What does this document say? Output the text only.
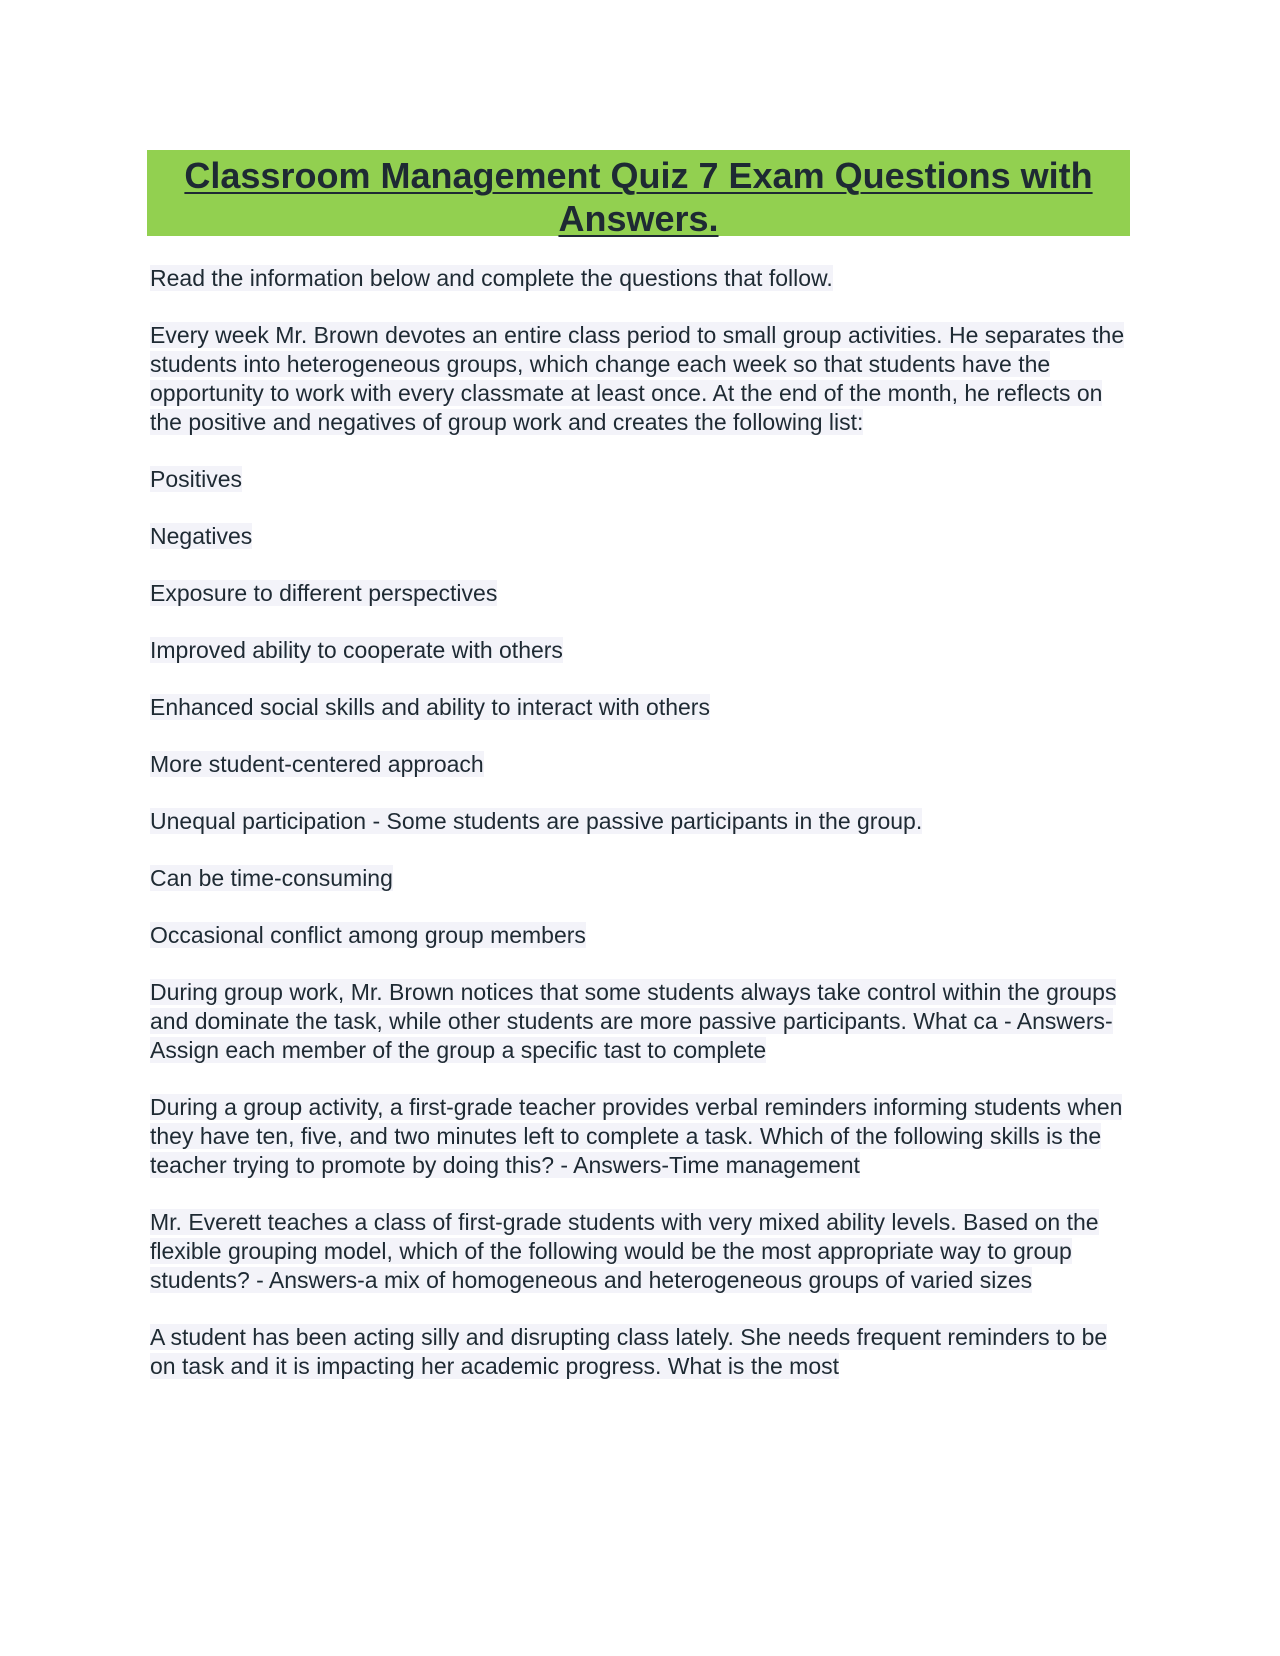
Classroom Management Quiz 7 Exam Questions with Answers.

Read the information below and complete the questions that follow.

Every week Mr. Brown devotes an entire class period to small group activities. He separates the students into heterogeneous groups, which change each week so that students have the opportunity to work with every classmate at least once. At the end of the month, he reflects on the positive and negatives of group work and creates the following list:

Positives

Negatives

Exposure to different perspectives

Improved ability to cooperate with others

Enhanced social skills and ability to interact with others

More student-centered approach

Unequal participation - Some students are passive participants in the group.

Can be time-consuming

Occasional conflict among group members

During group work, Mr. Brown notices that some students always take control within the groups and dominate the task, while other students are more passive participants. What ca - Answers-Assign each member of the group a specific tast to complete

During a group activity, a first-grade teacher provides verbal reminders informing students when they have ten, five, and two minutes left to complete a task. Which of the following skills is the teacher trying to promote by doing this? - Answers-Time management

Mr. Everett teaches a class of first-grade students with very mixed ability levels. Based on the flexible grouping model, which of the following would be the most appropriate way to group students? - Answers-a mix of homogeneous and heterogeneous groups of varied sizes

A student has been acting silly and disrupting class lately. She needs frequent reminders to be on task and it is impacting her academic progress. What is the most
